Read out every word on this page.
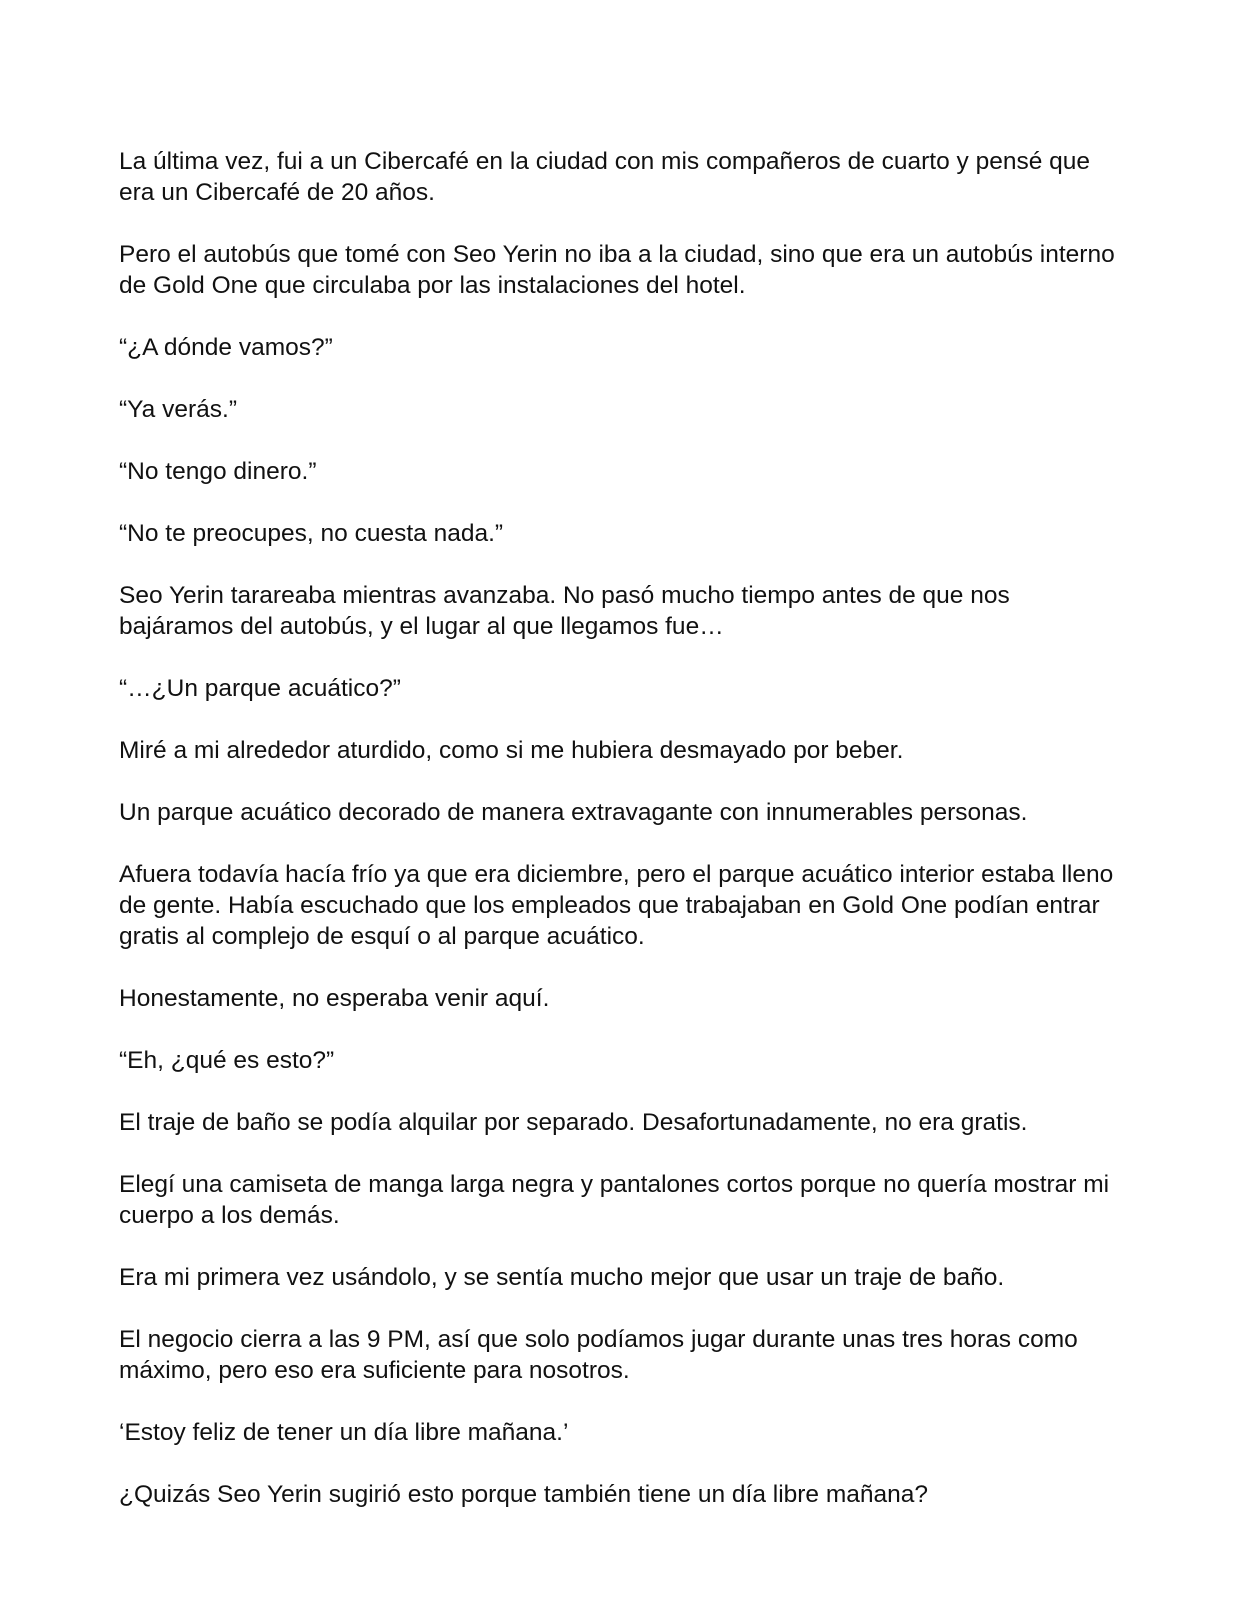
La última vez, fui a un Cibercafé en la ciudad con mis compañeros de cuarto y pensé que era un Cibercafé de 20 años.

Pero el autobús que tomé con Seo Yerin no iba a la ciudad, sino que era un autobús interno de Gold One que circulaba por las instalaciones del hotel.

“¿A dónde vamos?”

“Ya verás.”

“No tengo dinero.”

“No te preocupes, no cuesta nada.”

Seo Yerin tarareaba mientras avanzaba. No pasó mucho tiempo antes de que nos bajáramos del autobús, y el lugar al que llegamos fue…

“…¿Un parque acuático?”

Miré a mi alrededor aturdido, como si me hubiera desmayado por beber.

Un parque acuático decorado de manera extravagante con innumerables personas.

Afuera todavía hacía frío ya que era diciembre, pero el parque acuático interior estaba lleno de gente. Había escuchado que los empleados que trabajaban en Gold One podían entrar gratis al complejo de esquí o al parque acuático.

Honestamente, no esperaba venir aquí.

“Eh, ¿qué es esto?”

El traje de baño se podía alquilar por separado. Desafortunadamente, no era gratis.

Elegí una camiseta de manga larga negra y pantalones cortos porque no quería mostrar mi cuerpo a los demás.

Era mi primera vez usándolo, y se sentía mucho mejor que usar un traje de baño.

El negocio cierra a las 9 PM, así que solo podíamos jugar durante unas tres horas como máximo, pero eso era suficiente para nosotros.

‘Estoy feliz de tener un día libre mañana.’

¿Quizás Seo Yerin sugirió esto porque también tiene un día libre mañana?
